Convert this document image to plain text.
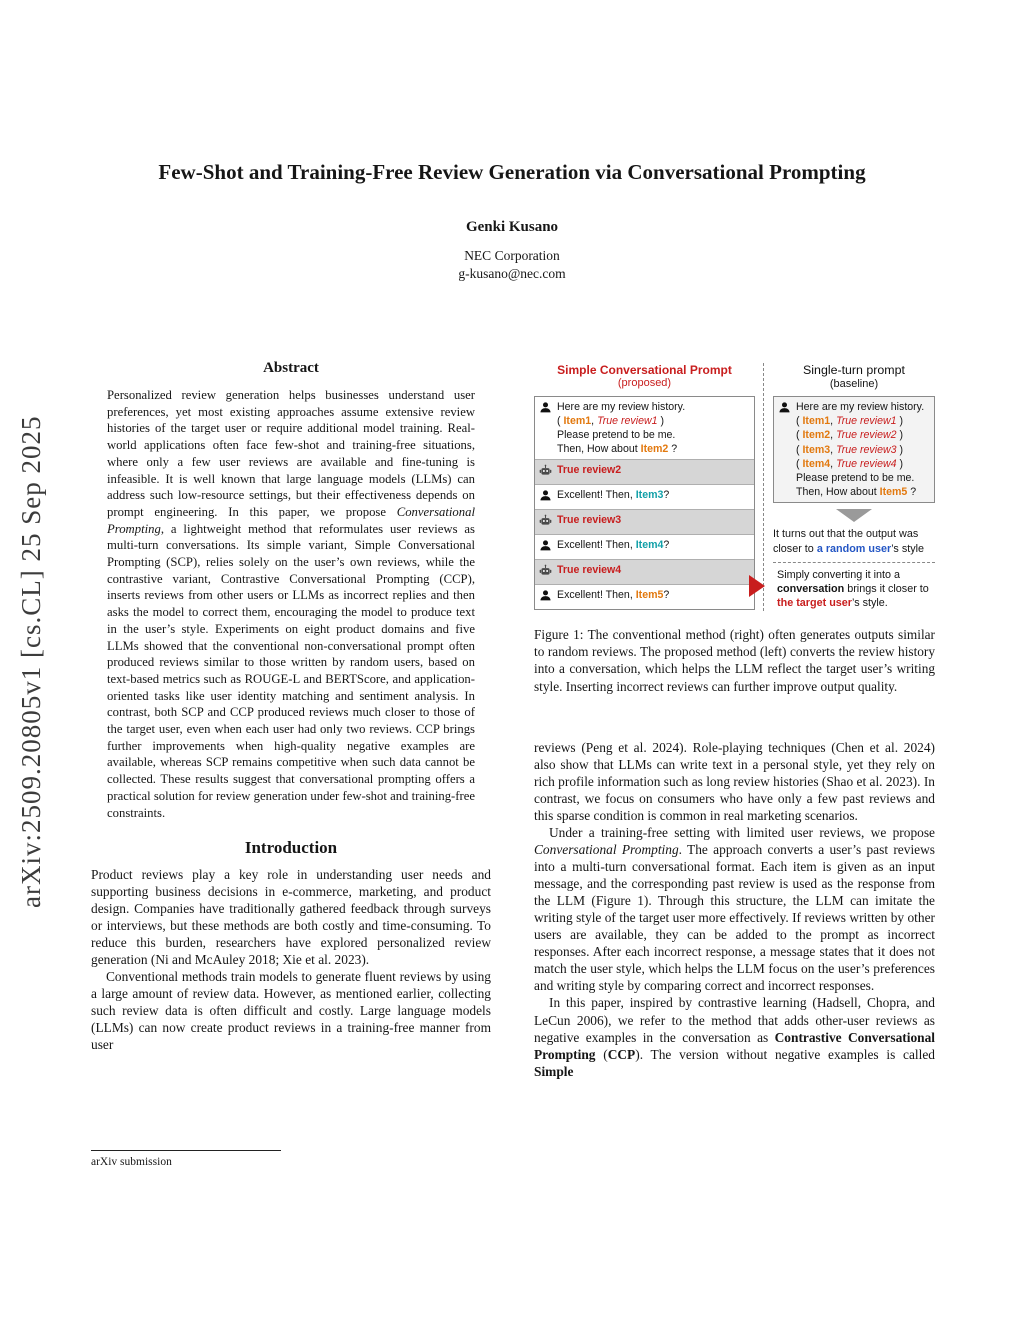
arXiv:2509.20805v1 [cs.CL] 25 Sep 2025
Few-Shot and Training-Free Review Generation via Conversational Prompting
Genki Kusano
NEC Corporation
g-kusano@nec.com
Abstract

Personalized review generation helps businesses understand user preferences, yet most existing approaches assume extensive review histories of the target user or require additional model training. Real-world applications often face few-shot and training-free situations, where only a few user reviews are available and fine-tuning is infeasible. It is well known that large language models (LLMs) can address such low-resource settings, but their effectiveness depends on prompt engineering. In this paper, we propose Conversational Prompting, a lightweight method that reformulates user reviews as multi-turn conversations. Its simple variant, Simple Conversational Prompting (SCP), relies solely on the user’s own reviews, while the contrastive variant, Contrastive Conversational Prompting (CCP), inserts reviews from other users or LLMs as incorrect replies and then asks the model to correct them, encouraging the model to produce text in the user’s style. Experiments on eight product domains and five LLMs showed that the conventional non-conversational prompt often produced reviews similar to those written by random users, based on text-based metrics such as ROUGE-L and BERTScore, and application-oriented tasks like user identity matching and sentiment analysis. In contrast, both SCP and CCP produced reviews much closer to those of the target user, even when each user had only two reviews. CCP brings further improvements when high-quality negative examples are available, whereas SCP remains competitive when such data cannot be collected. These results suggest that conversational prompting offers a practical solution for review generation under few-shot and training-free constraints.

Introduction

Product reviews play a key role in understanding user needs and supporting business decisions in e-commerce, marketing, and product design. Companies have traditionally gathered feedback through surveys or interviews, but these methods are both costly and time-consuming. To reduce this burden, researchers have explored personalized review generation (Ni and McAuley 2018; Xie et al. 2023).

Conventional methods train models to generate fluent reviews by using a large amount of review data. However, as mentioned earlier, collecting such review data is often difficult and costly. Large language models (LLMs) can now create product reviews in a training-free manner from user

arXiv submission
Simple Conversational Prompt
(proposed)
Here are my review history.
( Item1, True review1 )
Please pretend to be me.
Then, How about Item2 ?
True review2
Excellent! Then, Item3?
True review3
Excellent! Then, Item4?
True review4
Excellent! Then, Item5?
Single-turn prompt
(baseline)
Here are my review history.
( Item1, True review1 )
( Item2, True review2 )
( Item3, True review3 )
( Item4, True review4 )
Please pretend to be me.
Then, How about Item5 ?

It turns out that the output was closer to a random user’s style

Simply converting it into a conversation brings it closer to the target user’s style.

Figure 1: The conventional method (right) often generates outputs similar to random reviews. The proposed method (left) converts the review history into a conversation, which helps the LLM reflect the target user’s writing style. Inserting incorrect reviews can further improve output quality.

reviews (Peng et al. 2024). Role-playing techniques (Chen et al. 2024) also show that LLMs can write text in a personal style, yet they rely on rich profile information such as long review histories (Shao et al. 2023). In contrast, we focus on consumers who have only a few past reviews and this sparse condition is common in real marketing scenarios.

Under a training-free setting with limited user reviews, we propose Conversational Prompting. The approach converts a user’s past reviews into a multi-turn conversational format. Each item is given as an input message, and the corresponding past review is used as the response from the LLM (Figure 1). Through this structure, the LLM can imitate the writing style of the target user more effectively. If reviews written by other users are available, they can be added to the prompt as incorrect responses. After each incorrect response, a message states that it does not match the user style, which helps the LLM focus on the user’s preferences and writing style by comparing correct and incorrect responses.

In this paper, inspired by contrastive learning (Hadsell, Chopra, and LeCun 2006), we refer to the method that adds other-user reviews as negative examples in the conversation as Contrastive Conversational Prompting (CCP). The version without negative examples is called Simple
